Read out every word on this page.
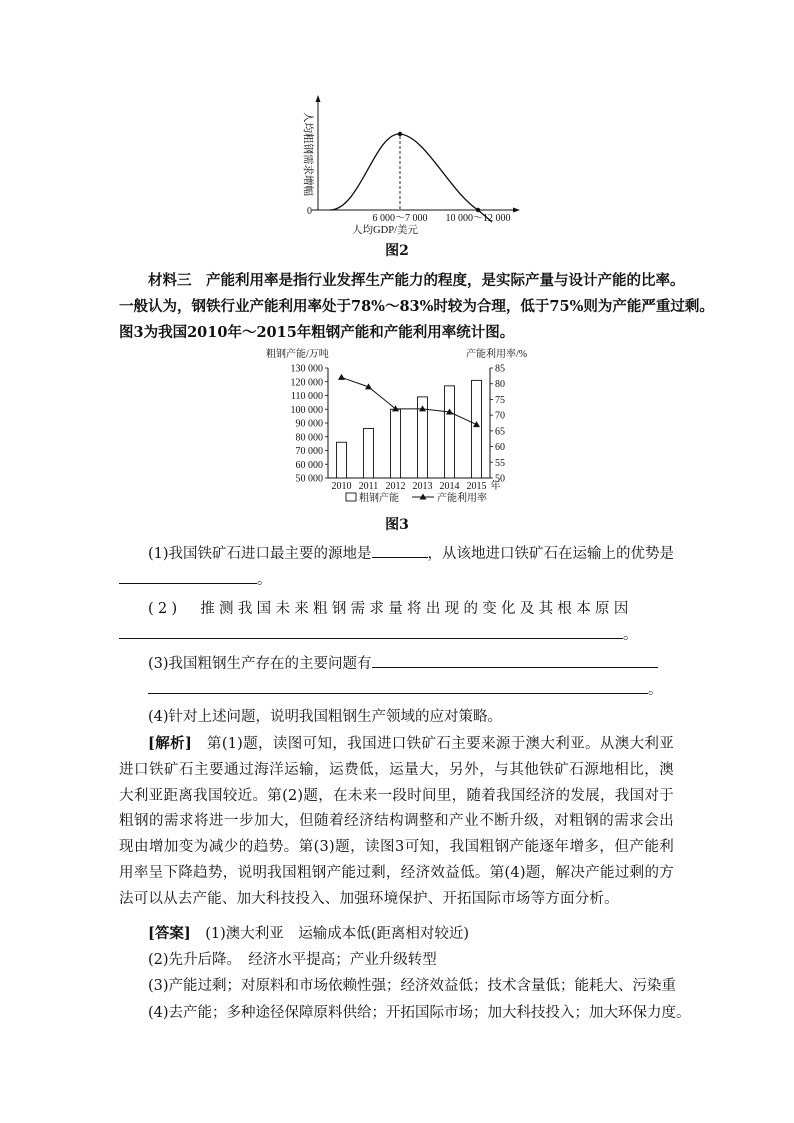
人均粗钢需求增幅
0
6 000～7 000 10 000～12 000
人均GDP/美元
图2
材料三　产能利用率是指行业发挥生产能力的程度，是实际产量与设计产能的比率。
一般认为，钢铁行业产能利用率处于78%～83%时较为合理，低于75%则为产能严重过剩。
图3为我国2010年～2015年粗钢产能和产能利用率统计图。
粗钢产能/万吨	产能利用率/%
50 000
60 000
70 000
80 000
90 000
100 000
110 000
120 000
130 000
50
55
60
65
70
75
80
85
2010 2011 2012 2013 2014 2015 年
粗钢产能	产能利用率
图3
(1)我国铁矿石进口最主要的源地是	，从该地进口铁矿石在运输上的优势是
。
(2)　推测我国未来粗钢需求量将出现的变化及其根本原因
。
(3)我国粗钢生产存在的主要问题有
。
(4)针对上述问题，说明我国粗钢生产领域的应对策略。
[解析]　第(1)题，读图可知，我国进口铁矿石主要来源于澳大利亚。从澳大利亚进口铁矿石主要通过海洋运输，运费低，运量大，另外，与其他铁矿石源地相比，澳大利亚距离我国较近。第(2)题，在未来一段时间里，随着我国经济的发展，我国对于粗钢的需求将进一步加大，但随着经济结构调整和产业不断升级，对粗钢的需求会出现由增加变为减少的趋势。第(3)题，读图3可知，我国粗钢产能逐年增多，但产能利用率呈下降趋势，说明我国粗钢产能过剩，经济效益低。第(4)题，解决产能过剩的方法可以从去产能、加大科技投入、加强环境保护、开拓国际市场等方面分析。
[答案]　 (1)澳大利亚　运输成本低(距离相对较近)
(2)先升后降。　经济水平提高；产业升级转型
(3)产能过剩；对原料和市场依赖性强；经济效益低；技术含量低；能耗大、污染重
(4)去产能；多种途径保障原料供给；开拓国际市场；加大科技投入；加大环保力度。
